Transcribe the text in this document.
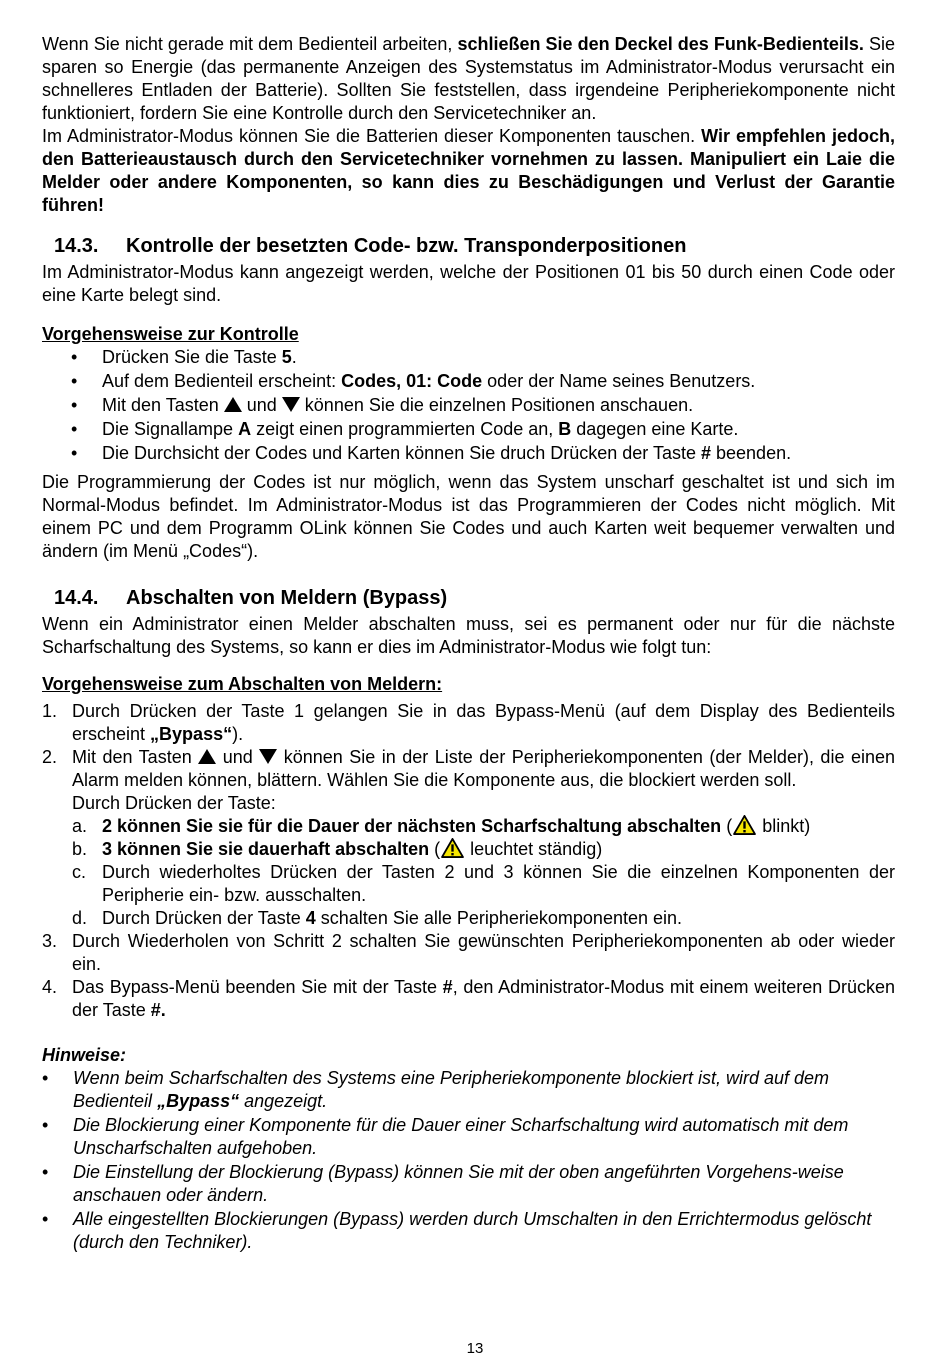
Wenn Sie nicht gerade mit dem Bedienteil arbeiten, schließen Sie den Deckel des Funk-Bedienteils. Sie sparen so Energie (das permanente Anzeigen des Systemstatus im Administrator-Modus verursacht ein schnelleres Entladen der Batterie). Sollten Sie feststellen, dass irgendeine Peripheriekomponente nicht funktioniert, fordern Sie eine Kontrolle durch den Servicetechniker an.

Im Administrator-Modus können Sie die Batterien dieser Komponenten tauschen. Wir empfehlen jedoch, den Batterieaustausch durch den Servicetechniker vornehmen zu lassen. Manipuliert ein Laie die Melder oder andere Komponenten, so kann dies zu Beschädigungen und Verlust der Garantie führen!

14.3.	Kontrolle der besetzten Code- bzw. Transponderpositionen

Im Administrator-Modus kann angezeigt werden, welche der Positionen 01 bis 50 durch einen Code oder eine Karte belegt sind.

Vorgehensweise zur Kontrolle

• Drücken Sie die Taste 5.
• Auf dem Bedienteil erscheint: Codes, 01: Code oder der Name seines Benutzers.
• Mit den Tasten  und  können Sie die einzelnen Positionen anschauen.
• Die Signallampe A zeigt einen programmierten Code an, B dagegen eine Karte.
• Die Durchsicht der Codes und Karten können Sie druch Drücken der Taste # beenden.

Die Programmierung der Codes ist nur möglich, wenn das System unscharf geschaltet ist und sich im Normal-Modus befindet. Im Administrator-Modus ist das Programmieren der Codes nicht möglich. Mit einem PC und dem Programm OLink können Sie Codes und auch Karten weit bequemer verwalten und ändern (im Menü „Codes“).

14.4.	Abschalten von Meldern (Bypass)

Wenn ein Administrator einen Melder abschalten muss, sei es permanent oder nur für die nächste Scharfschaltung des Systems, so kann er dies im Administrator-Modus wie folgt tun:

Vorgehensweise zum Abschalten von Meldern:

1. Durch Drücken der Taste 1 gelangen Sie in das Bypass-Menü (auf dem Display des Bedienteils erscheint „Bypass“).
2. Mit den Tasten  und  können Sie in der Liste der Peripheriekomponenten (der Melder), die einen Alarm melden können, blättern. Wählen Sie die Komponente aus, die blockiert werden soll.

Durch Drücken der Taste:

a. 2 können Sie sie für die Dauer der nächsten Scharfschaltung abschalten ( blinkt)
b. 3 können Sie sie dauerhaft abschalten ( leuchtet ständig)
c. Durch wiederholtes Drücken der Tasten 2 und 3 können Sie die einzelnen Komponenten der Peripherie ein- bzw. ausschalten.
d. Durch Drücken der Taste 4 schalten Sie alle Peripheriekomponenten ein.
3. Durch Wiederholen von Schritt 2 schalten Sie gewünschten Peripheriekomponenten ab oder wieder ein.
4. Das Bypass-Menü beenden Sie mit der Taste #, den Administrator-Modus mit einem weiteren Drücken der Taste #.

Hinweise:

• Wenn beim Scharfschalten des Systems eine Peripheriekomponente blockiert ist, wird auf dem Bedienteil „Bypass“ angezeigt.
• Die Blockierung einer Komponente für die Dauer einer Scharfschaltung wird automatisch mit dem Unscharfschalten aufgehoben.
• Die Einstellung der Blockierung (Bypass) können Sie mit der oben angeführten Vorgehens-weise anschauen oder ändern.
• Alle eingestellten Blockierungen (Bypass) werden durch Umschalten in den Errichtermodus gelöscht (durch den Techniker).
13
